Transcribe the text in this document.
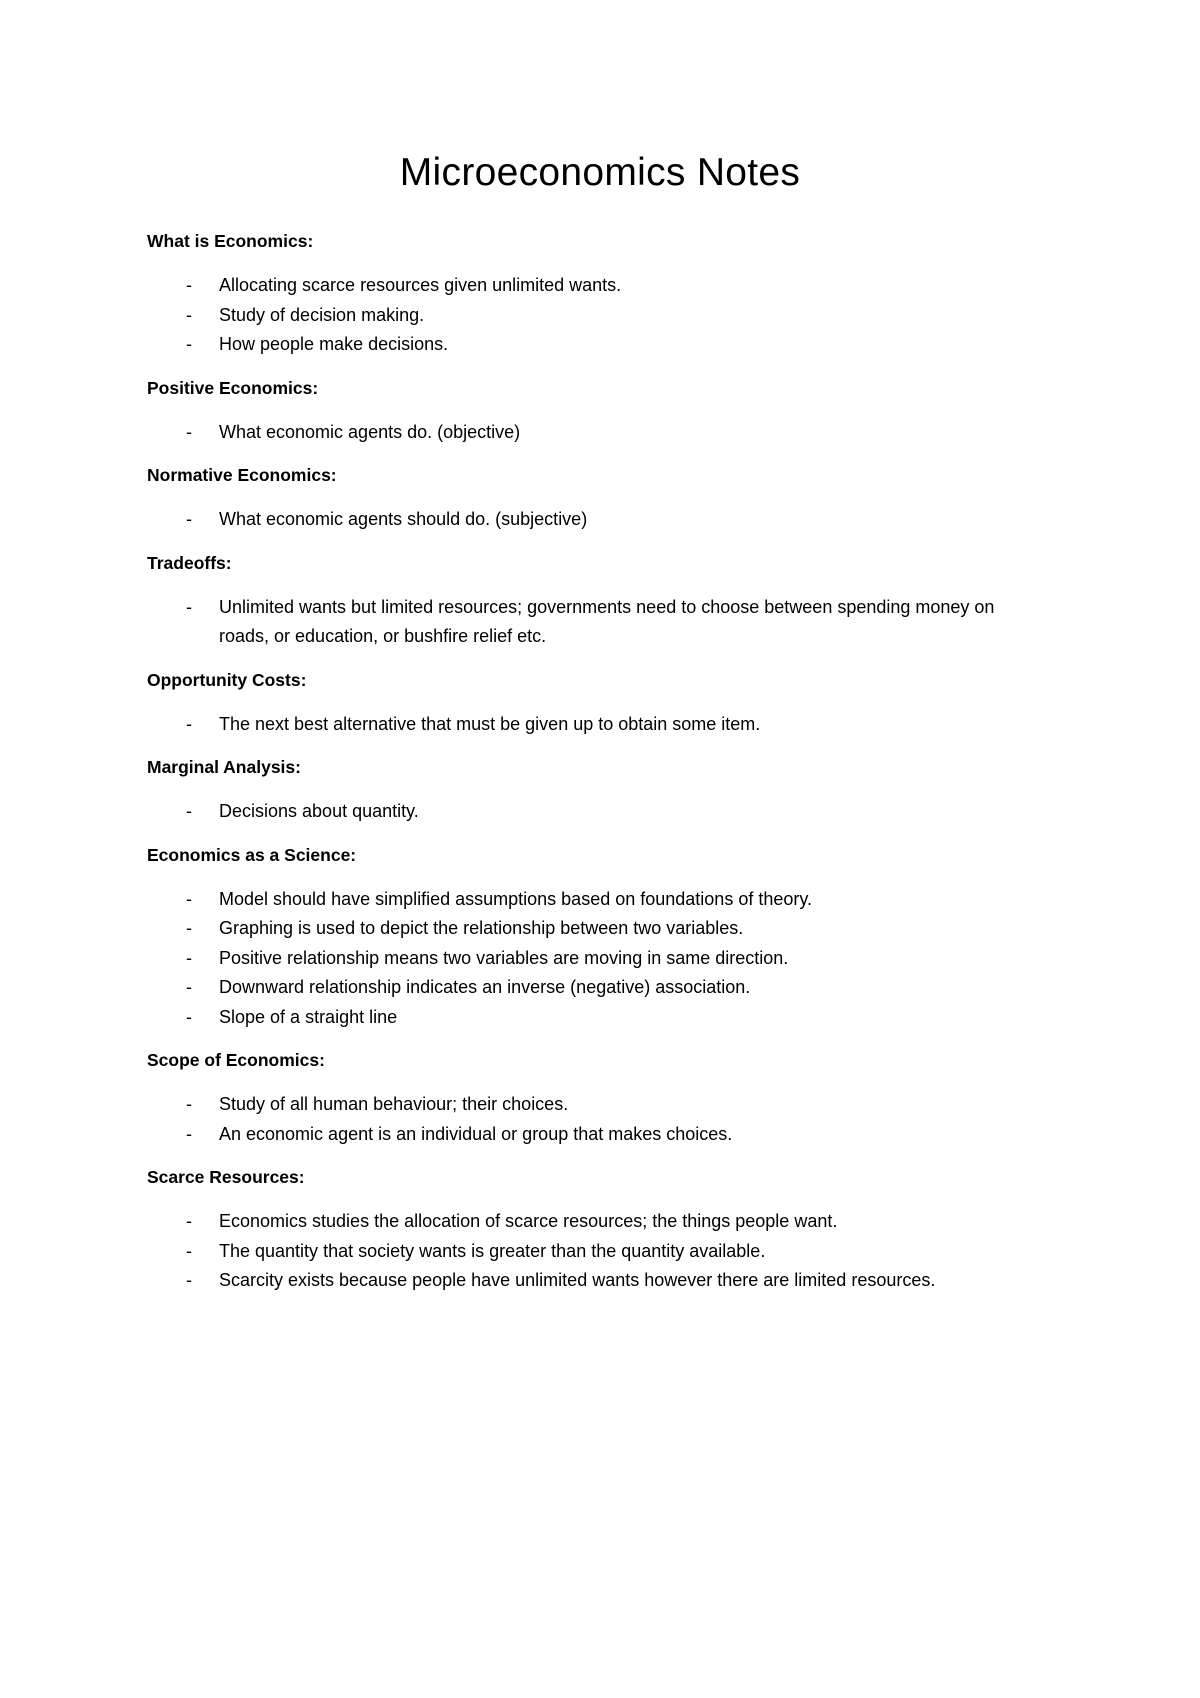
Microeconomics Notes
What is Economics:
-	Allocating scarce resources given unlimited wants.
-	Study of decision making.
-	How people make decisions.
Positive Economics:
-	What economic agents do. (objective)
Normative Economics:
-	What economic agents should do. (subjective)
Tradeoffs:
-	Unlimited wants but limited resources; governments need to choose between spending money on roads, or education, or bushfire relief etc.
Opportunity Costs:
-	The next best alternative that must be given up to obtain some item.
Marginal Analysis:
-	Decisions about quantity.
Economics as a Science:
-	Model should have simplified assumptions based on foundations of theory.
-	Graphing is used to depict the relationship between two variables.
-	Positive relationship means two variables are moving in same direction.
-	Downward relationship indicates an inverse (negative) association.
-	Slope of a straight line
Scope of Economics:
-	Study of all human behaviour; their choices.
-	An economic agent is an individual or group that makes choices.
Scarce Resources:
-	Economics studies the allocation of scarce resources; the things people want.
-	The quantity that society wants is greater than the quantity available.
-	Scarcity exists because people have unlimited wants however there are limited resources.
